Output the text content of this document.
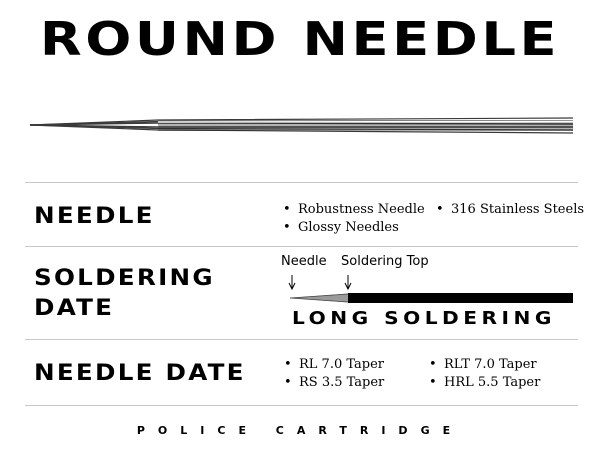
ROUND NEEDLE
NEEDLE	• Robustness Needle
• Glossy Needles
• 316 Stainless Steels
SOLDERING
DATE
Needle Soldering Top
LONG SOLDERING
NEEDLE DATE	• RL 7.0 Taper
• RS 3.5 Taper
• RLT 7.0 Taper
• HRL 5.5 Taper
POLICE CARTRIDGE
